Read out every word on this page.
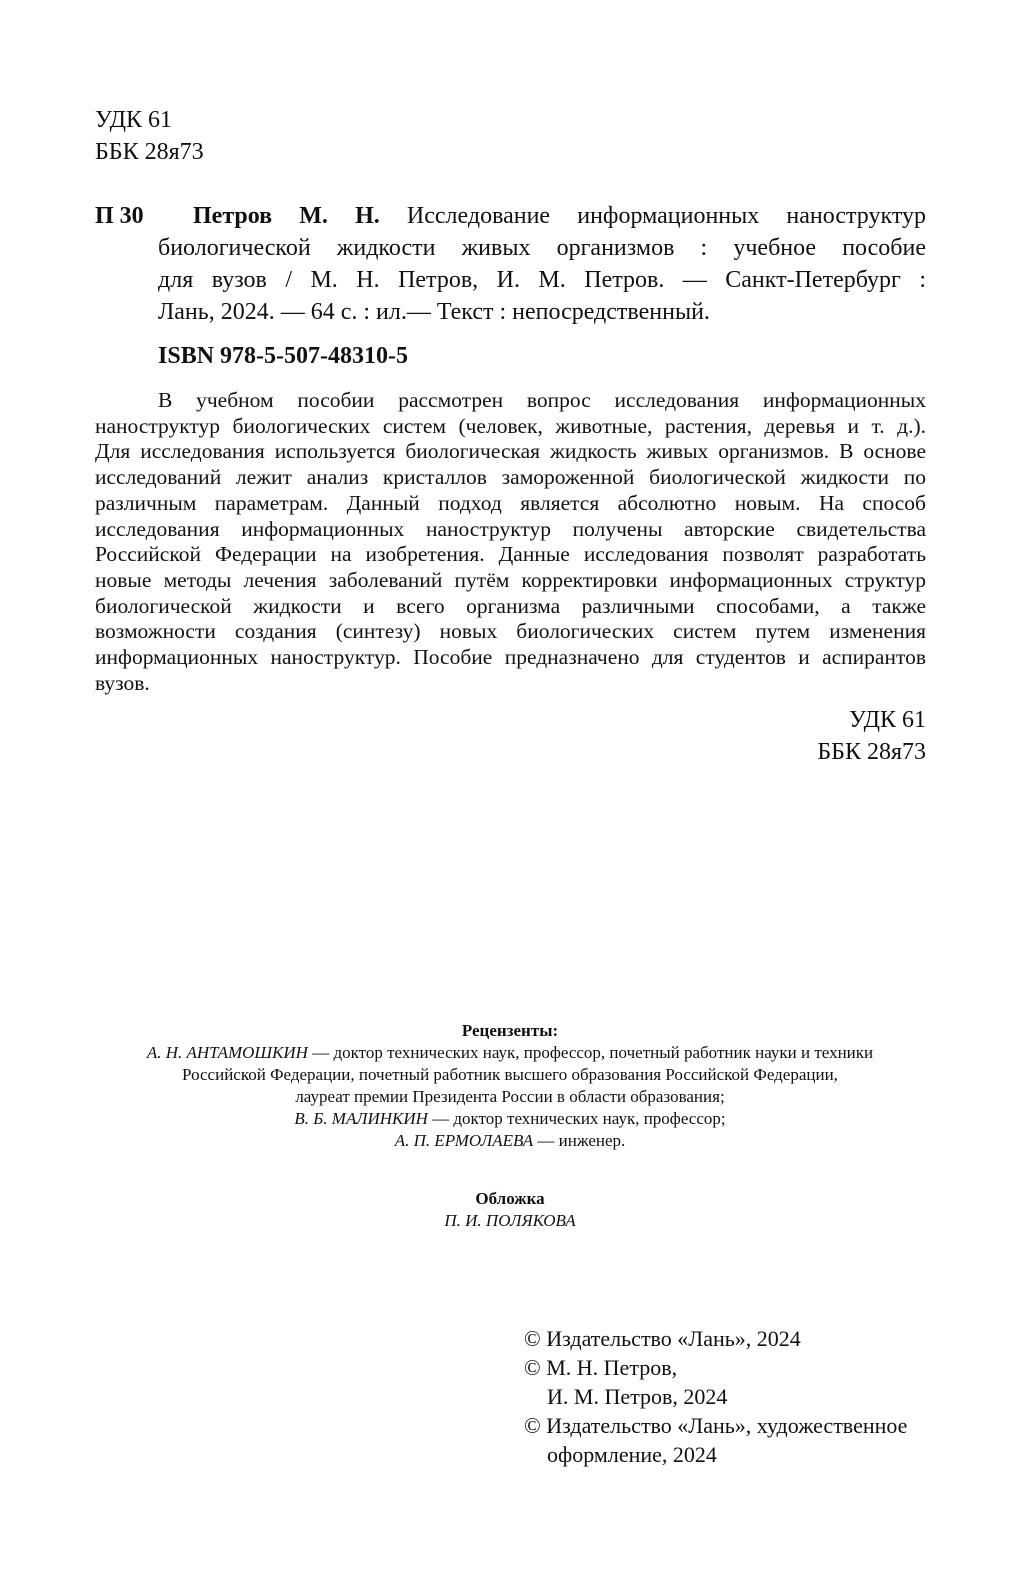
УДК 61
ББК 28я73
П 30	Петров М. Н. Исследование информационных наноструктур
биологической жидкости живых организмов : учебное пособие
для вузов / М. Н. Петров, И. М. Петров. — Санкт-Петербург :
Лань, 2024. — 64 с. : ил.— Текст : непосредственный.
ISBN 978-5-507-48310-5
В учебном пособии рассмотрен вопрос исследования информационных
наноструктур биологических систем (человек, животные, растения, деревья и т. д.).
Для исследования используется биологическая жидкость живых организмов. В основе
исследований лежит анализ кристаллов замороженной биологической жидкости по
различным параметрам. Данный подход является абсолютно новым. На способ
исследования информационных наноструктур получены авторские свидетельства
Российской Федерации на изобретения. Данные исследования позволят разработать
новые методы лечения заболеваний путём корректировки информационных структур
биологической жидкости и всего организма различными способами, а также
возможности создания (синтезу) новых биологических систем путем изменения
информационных наноструктур. Пособие предназначено для студентов и аспирантов
вузов.
УДК 61
ББК 28я73
Рецензенты:
А. Н. АНТАМОШКИН — доктор технических наук, профессор, почетный работник науки и техники
Российской Федерации, почетный работник высшего образования Российской Федерации,
лауреат премии Президента России в области образования;
В. Б. МАЛИНКИН — доктор технических наук, профессор;
А. П. ЕРМОЛАЕВА — инженер.
Обложка
П. И. ПОЛЯКОВА
© Издательство «Лань», 2024
© М. Н. Петров,
И. М. Петров, 2024
© Издательство «Лань», художественное
оформление, 2024
